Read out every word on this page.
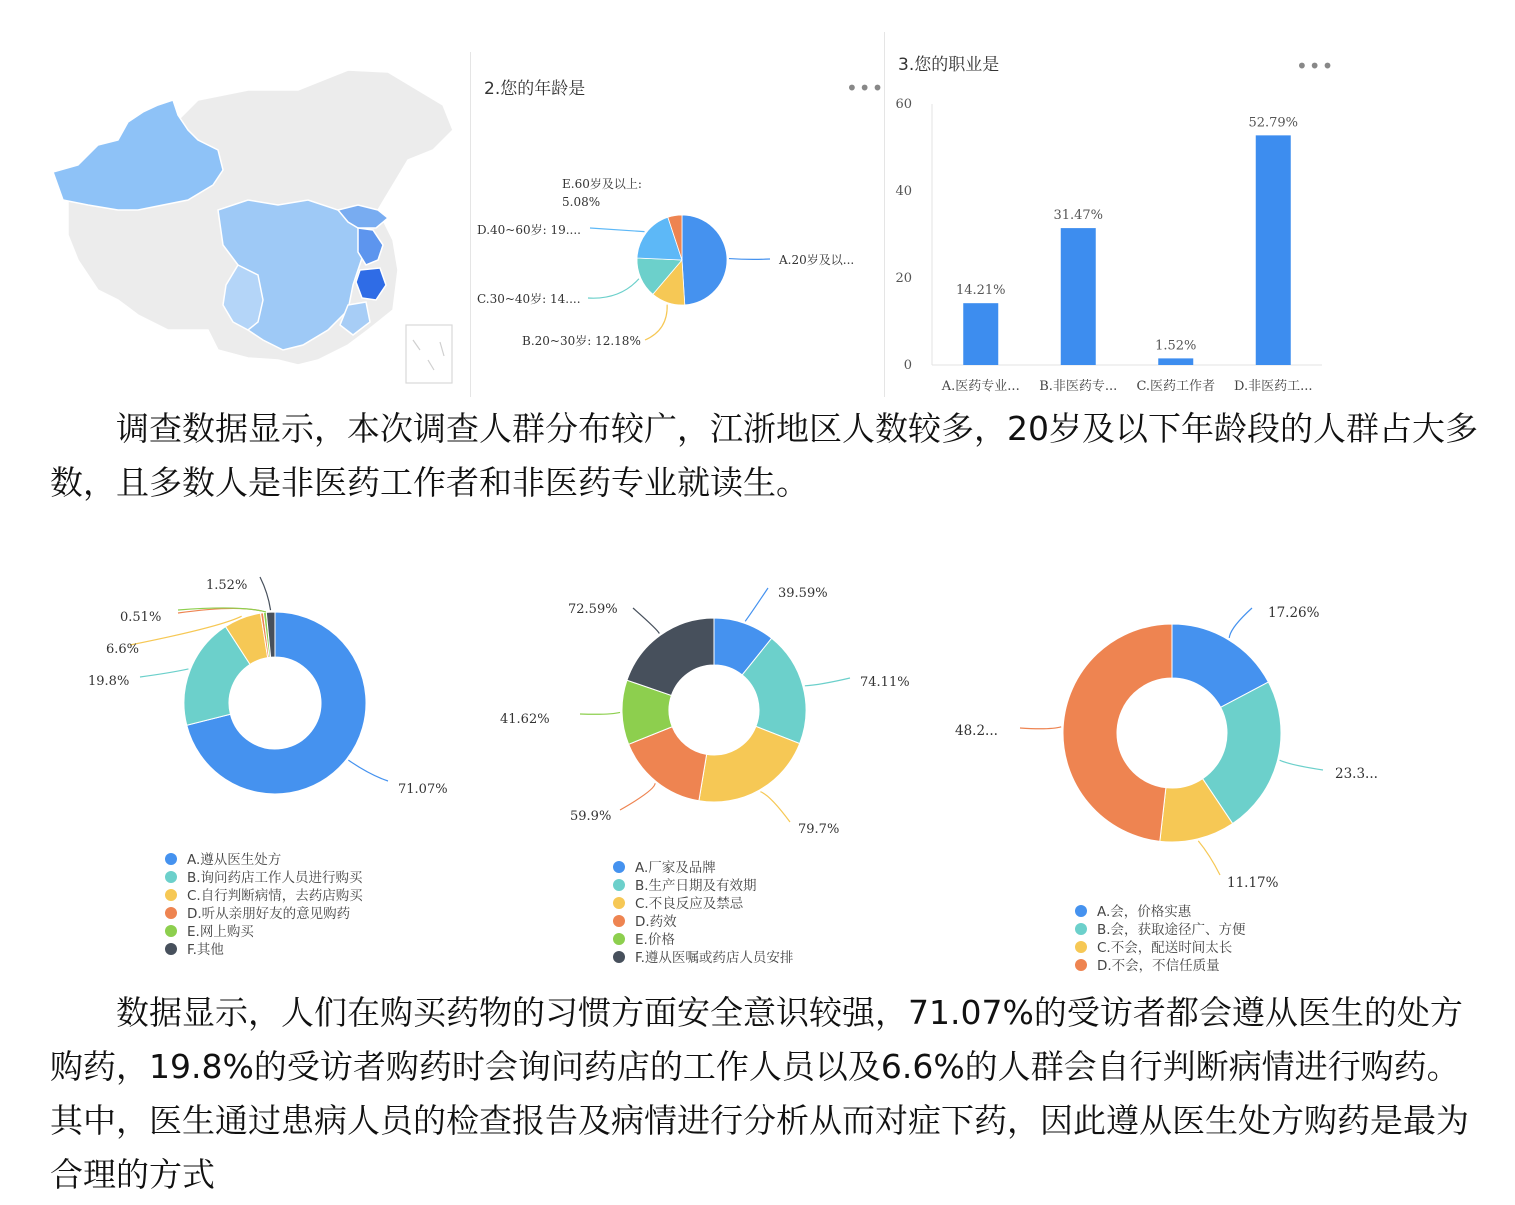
2.您的年龄是	•••
A.20岁及以...
B.20~30岁: 12.18%
C.30~40岁: 14....
D.40~60岁: 19....
E.60岁及以上:
5.08%
3.您的职业是	•••
0
20
40
60
14.21%
A.医药专业...
31.47%
B.非医药专...
1.52%
C.医药工作者
52.79%
D.非医药工...

调查数据显示，本次调查人群分布较广，江浙地区人数较多，20岁及以下年龄段的人群占大多数，且多数人是非医药工作者和非医药专业就读生。

71.07%
19.8%
6.6%
0.51%
1.52%
A.遵从医生处方
B.询问药店工作人员进行购买
C.自行判断病情，去药店购买
D.听从亲朋好友的意见购药
E.网上购买
F.其他
39.59%
74.11%
79.7%
59.9%
41.62%
72.59%
A.厂家及品牌
B.生产日期及有效期
C.不良反应及禁忌
D.药效
E.价格
F.遵从医嘱或药店人员安排
17.26%
23.3...
11.17%
48.2...
A.会，价格实惠
B.会，获取途径广、方便
C.不会，配送时间太长
D.不会，不信任质量

数据显示，人们在购买药物的习惯方面安全意识较强，71.07%的受访者都会遵从医生的处方购药，19.8%的受访者购药时会询问药店的工作人员以及6.6%的人群会自行判断病情进行购药。其中，医生通过患病人员的检查报告及病情进行分析从而对症下药，因此遵从医生处方购药是最为合理的方式
